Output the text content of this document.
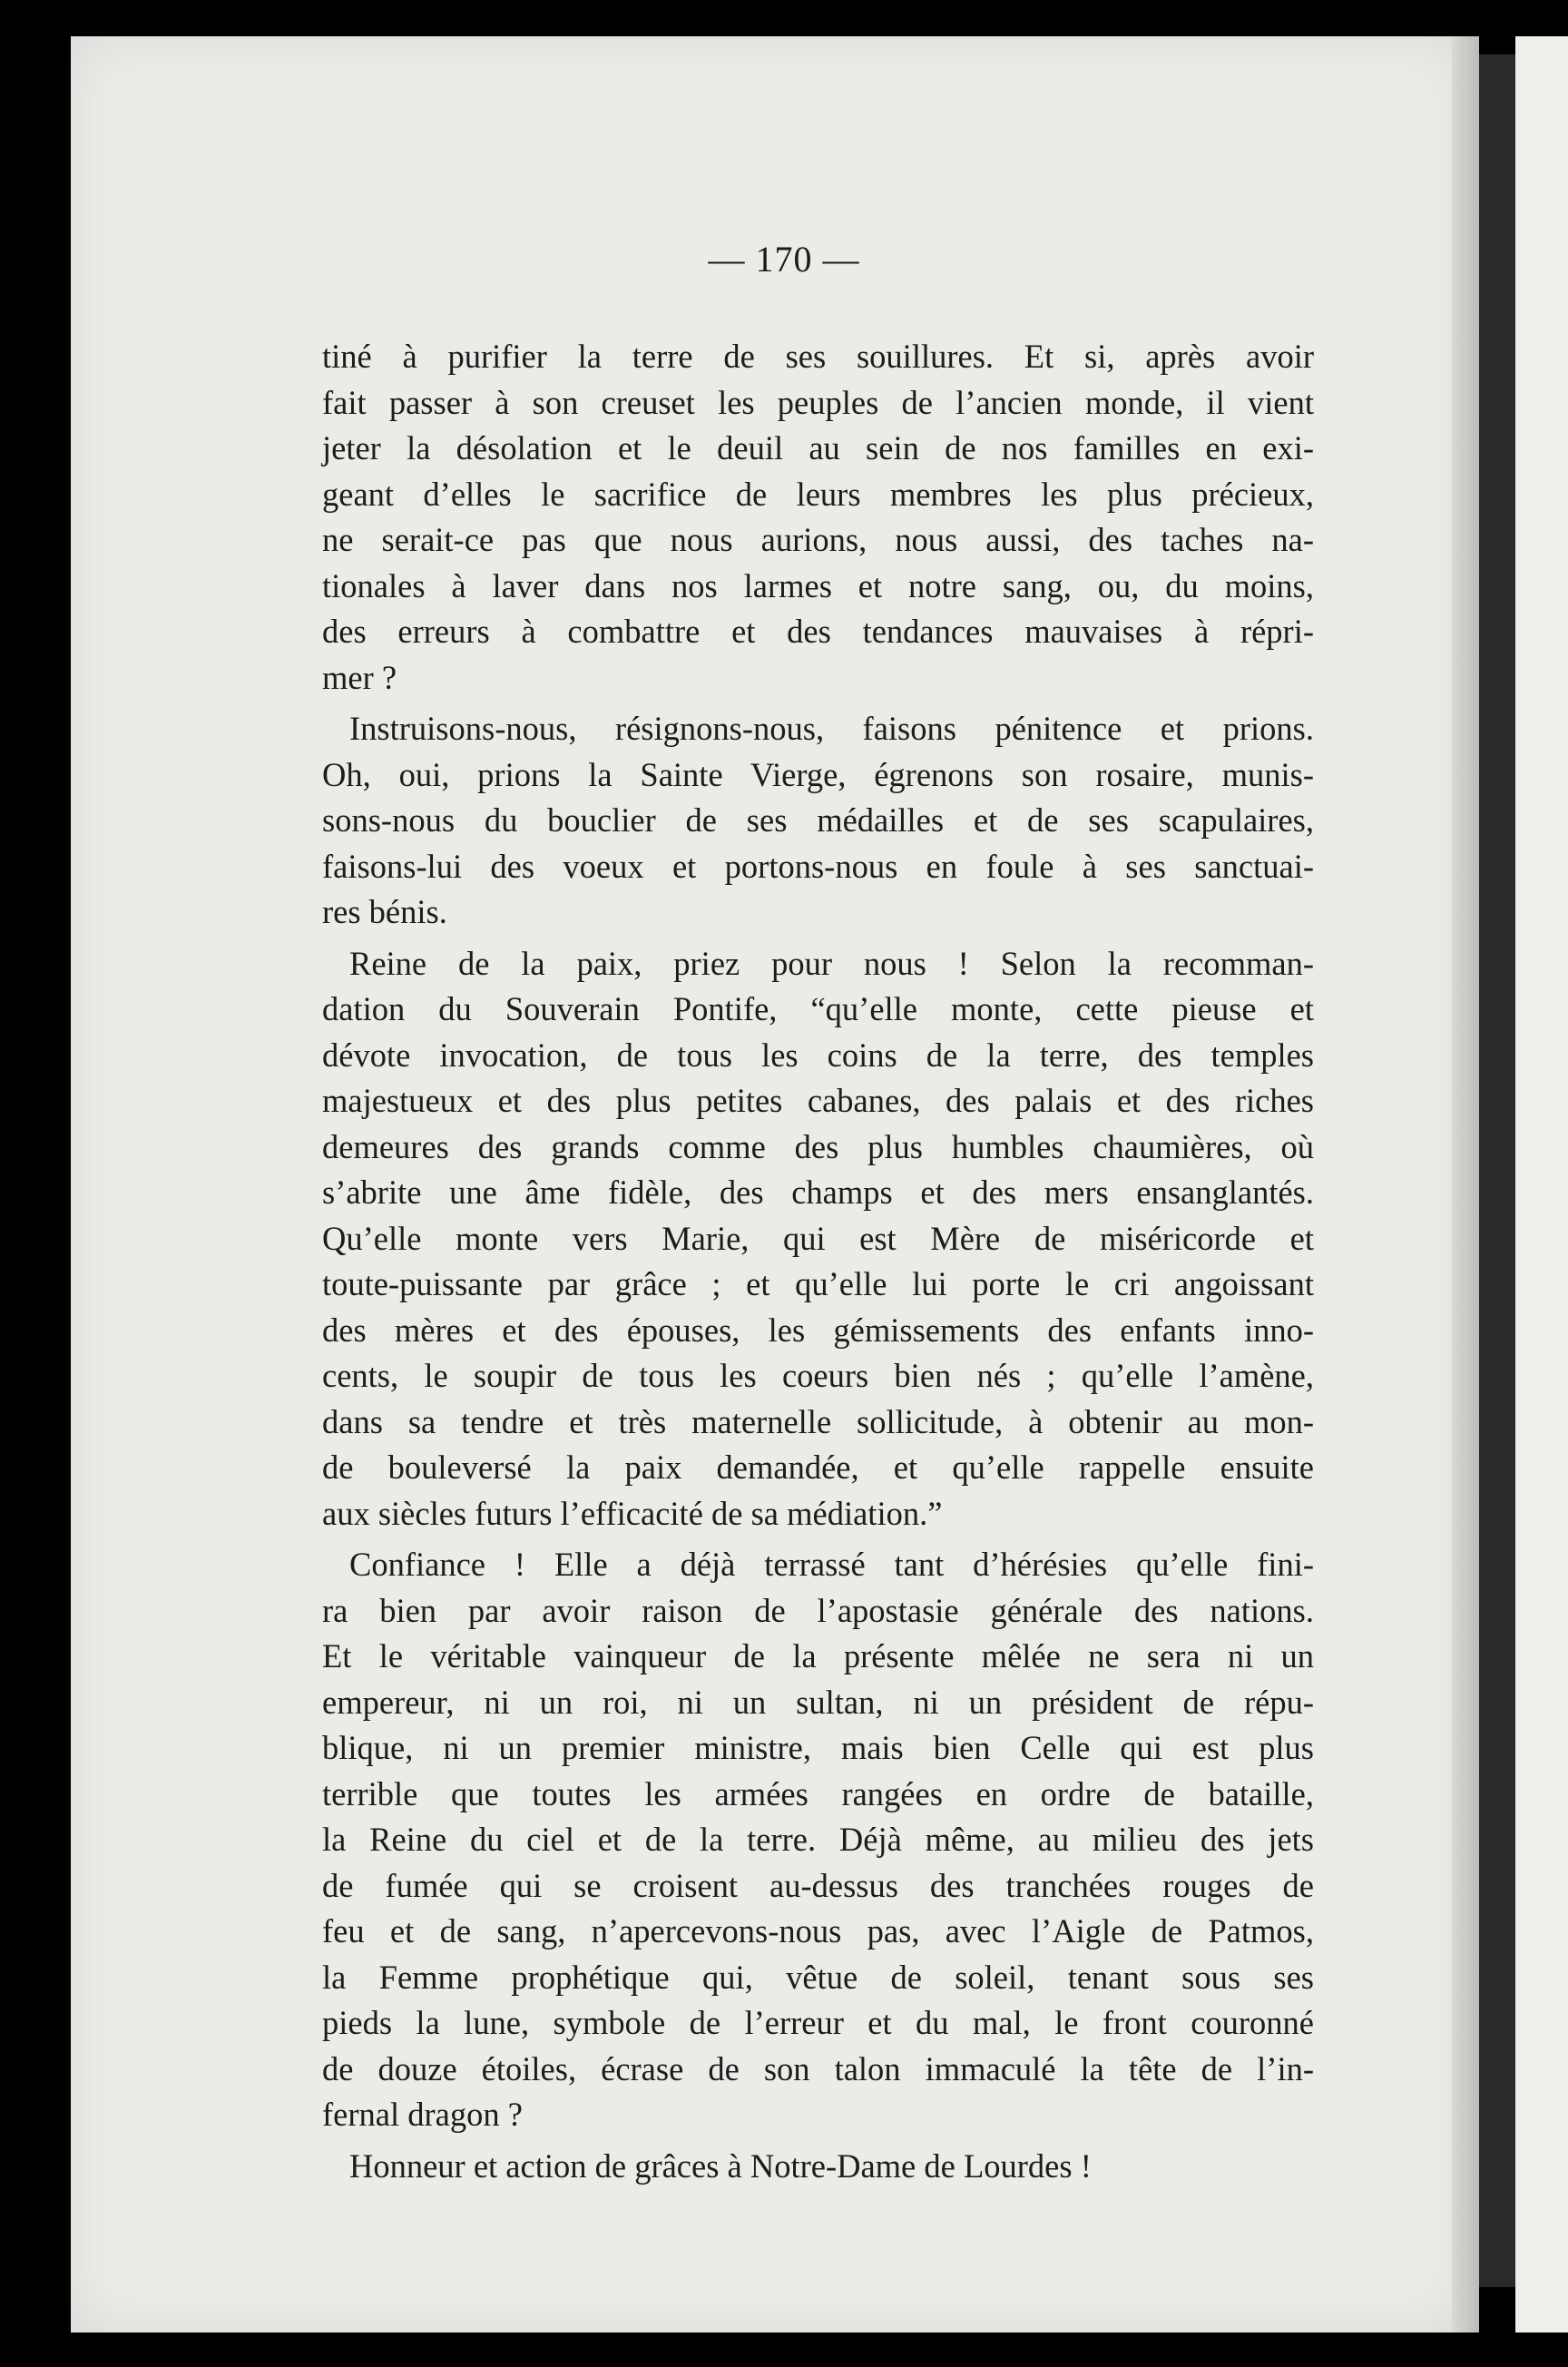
— 170 —
tiné à purifier la terre de ses souillures. Et si, après avoir
fait passer à son creuset les peuples de l’ancien monde, il vient
jeter la désolation et le deuil au sein de nos familles en exi-
geant d’elles le sacrifice de leurs membres les plus précieux,
ne serait-ce pas que nous aurions, nous aussi, des taches na-
tionales à laver dans nos larmes et notre sang, ou, du moins,
des erreurs à combattre et des tendances mauvaises à répri-
mer ?
Instruisons-nous, résignons-nous, faisons pénitence et prions.
Oh, oui, prions la Sainte Vierge, égrenons son rosaire, munis-
sons-nous du bouclier de ses médailles et de ses scapulaires,
faisons-lui des voeux et portons-nous en foule à ses sanctuai-
res bénis.
Reine de la paix, priez pour nous ! Selon la recomman-
dation du Souverain Pontife, “qu’elle monte, cette pieuse et
dévote invocation, de tous les coins de la terre, des temples
majestueux et des plus petites cabanes, des palais et des riches
demeures des grands comme des plus humbles chaumières, où
s’abrite une âme fidèle, des champs et des mers ensanglantés.
Qu’elle monte vers Marie, qui est Mère de miséricorde et
toute-puissante par grâce ; et qu’elle lui porte le cri angoissant
des mères et des épouses, les gémissements des enfants inno-
cents, le soupir de tous les coeurs bien nés ; qu’elle l’amène,
dans sa tendre et très maternelle sollicitude, à obtenir au mon-
de bouleversé la paix demandée, et qu’elle rappelle ensuite
aux siècles futurs l’efficacité de sa médiation.”
Confiance ! Elle a déjà terrassé tant d’hérésies qu’elle fini-
ra bien par avoir raison de l’apostasie générale des nations.
Et le véritable vainqueur de la présente mêlée ne sera ni un
empereur, ni un roi, ni un sultan, ni un président de répu-
blique, ni un premier ministre, mais bien Celle qui est plus
terrible que toutes les armées rangées en ordre de bataille,
la Reine du ciel et de la terre. Déjà même, au milieu des jets
de fumée qui se croisent au-dessus des tranchées rouges de
feu et de sang, n’apercevons-nous pas, avec l’Aigle de Patmos,
la Femme prophétique qui, vêtue de soleil, tenant sous ses
pieds la lune, symbole de l’erreur et du mal, le front couronné
de douze étoiles, écrase de son talon immaculé la tête de l’in-
fernal dragon ?
Honneur et action de grâces à Notre-Dame de Lourdes !
